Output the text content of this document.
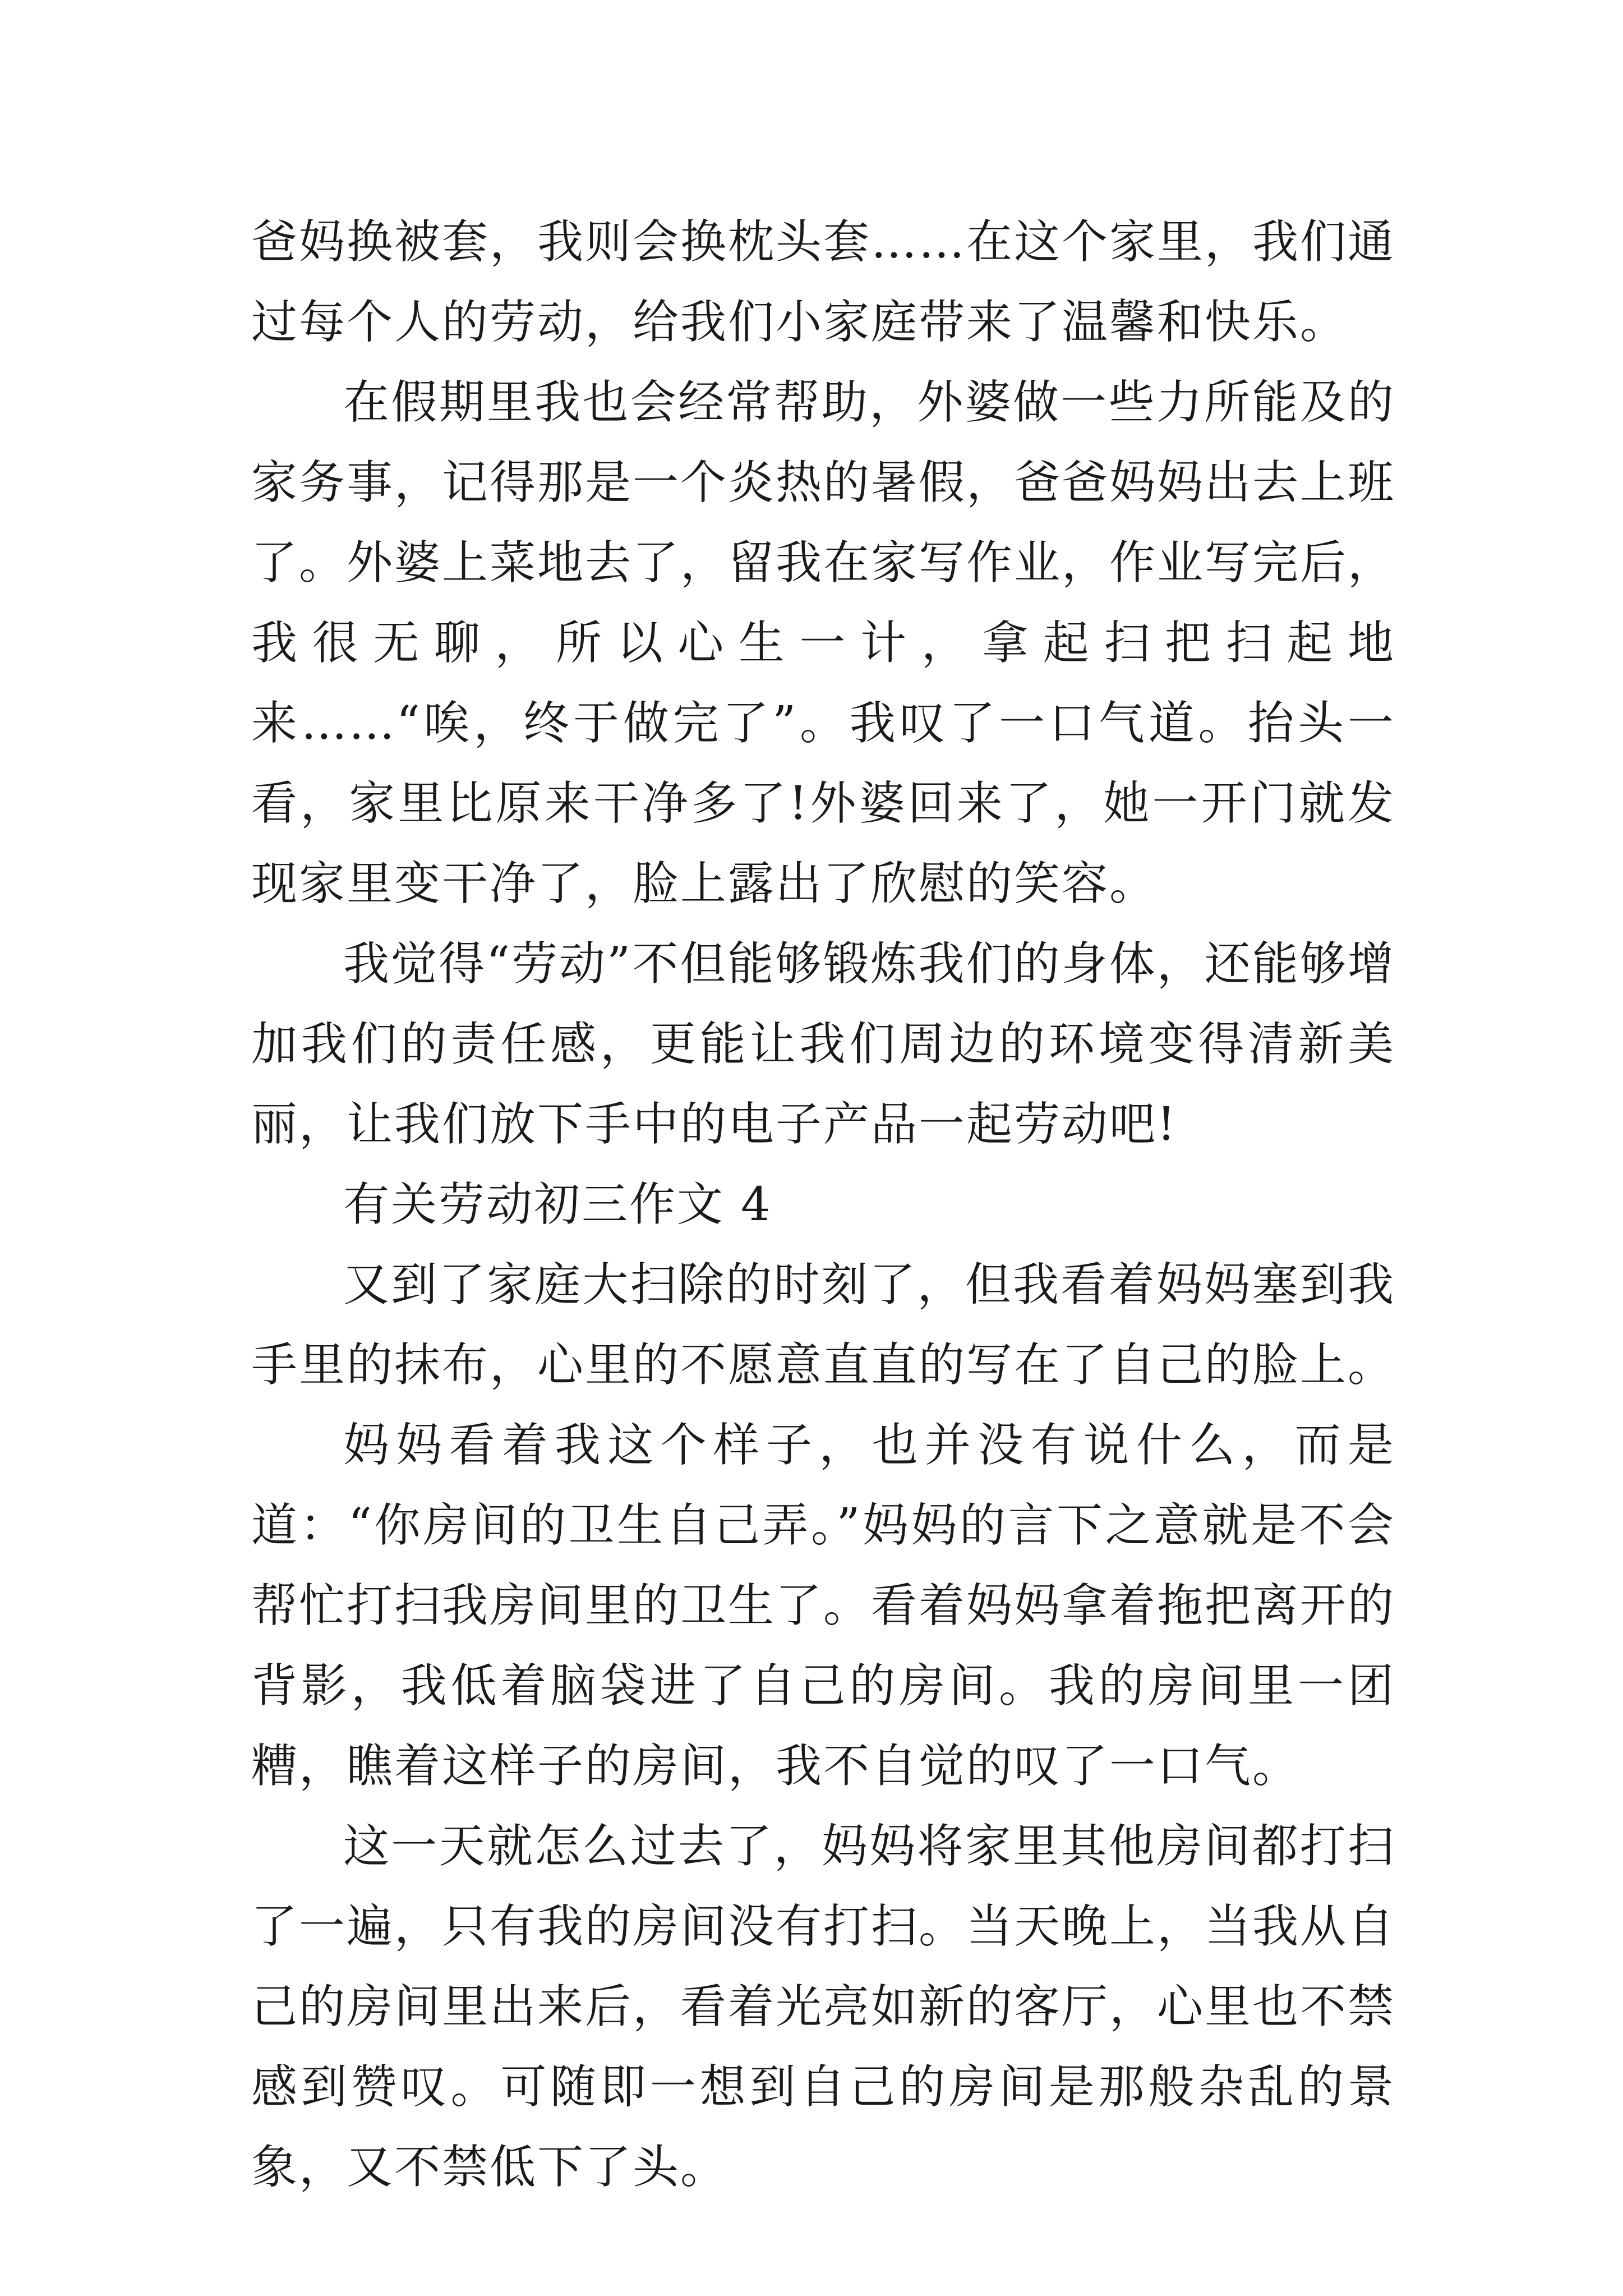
爸妈换被套，我则会换枕头套……在这个家里，我们通过每个人的劳动，给我们小家庭带来了温馨和快乐。

在假期里我也会经常帮助，外婆做一些力所能及的家务事，记得那是一个炎热的暑假，爸爸妈妈出去上班了。外婆上菜地去了，留我在家写作业，作业写完后，我很无聊，所以心生一计，拿起扫把扫起地来……“唉，终于做完了”。我叹了一口气道。抬头一看，家里比原来干净多了!外婆回来了，她一开门就发现家里变干净了，脸上露出了欣慰的笑容。

我觉得“劳动”不但能够锻炼我们的身体，还能够增加我们的责任感，更能让我们周边的环境变得清新美丽，让我们放下手中的电子产品一起劳动吧!

有关劳动初三作文 4

又到了家庭大扫除的时刻了，但我看着妈妈塞到我手里的抹布，心里的不愿意直直的写在了自己的脸上。

妈妈看着我这个样子，也并没有说什么，而是道：“你房间的卫生自己弄。”妈妈的言下之意就是不会帮忙打扫我房间里的卫生了。看着妈妈拿着拖把离开的背影，我低着脑袋进了自己的房间。我的房间里一团糟，瞧着这样子的房间，我不自觉的叹了一口气。

这一天就怎么过去了，妈妈将家里其他房间都打扫了一遍，只有我的房间没有打扫。当天晚上，当我从自己的房间里出来后，看着光亮如新的客厅，心里也不禁感到赞叹。可随即一想到自己的房间是那般杂乱的景象，又不禁低下了头。
